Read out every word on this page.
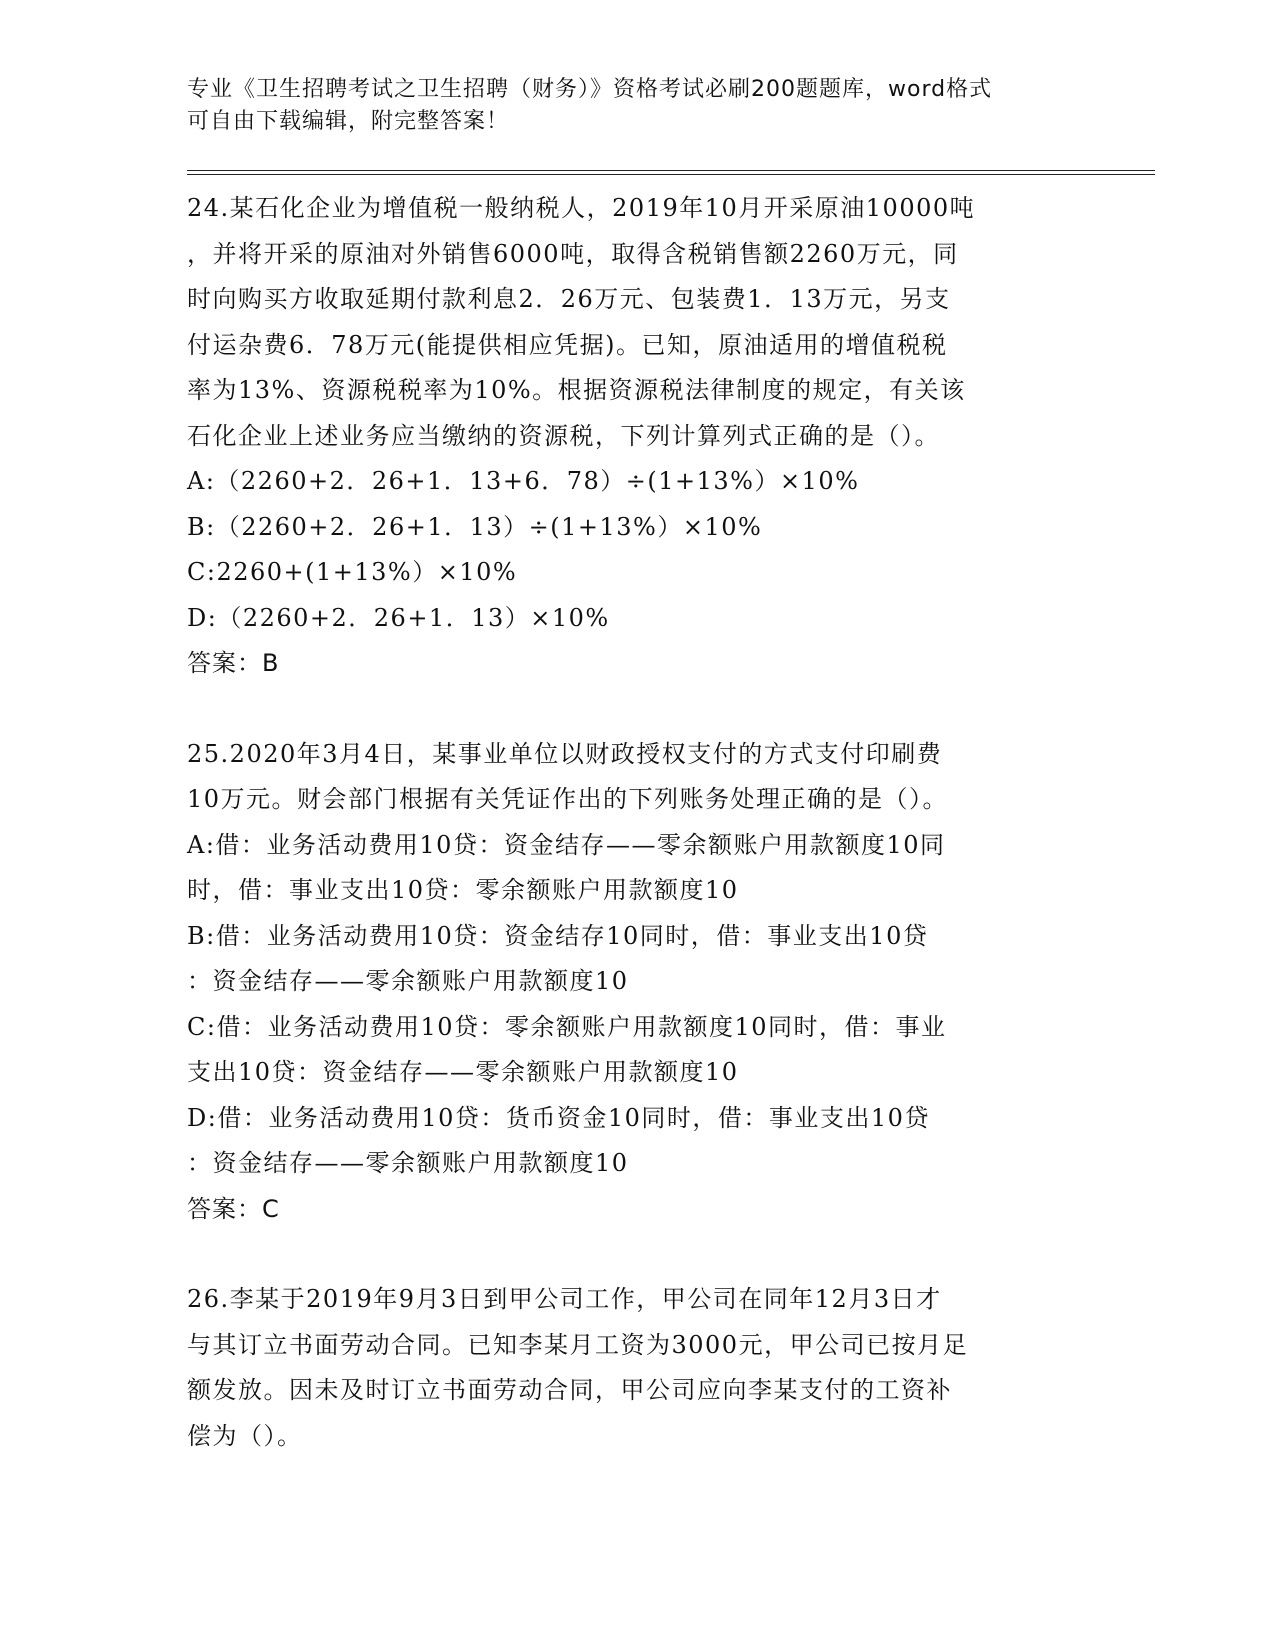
专业《卫生招聘考试之卫生招聘（财务）》资格考试必刷200题题库，word格式
可自由下载编辑，附完整答案！
24.某石化企业为增值税一般纳税人，2019年10月开采原油10000吨
，并将开采的原油对外销售6000吨，取得含税销售额2260万元，同
时向购买方收取延期付款利息2．26万元、包装费1．13万元，另支
付运杂费6．78万元(能提供相应凭据)。已知，原油适用的增值税税
率为13%、资源税税率为10%。根据资源税法律制度的规定，有关该
石化企业上述业务应当缴纳的资源税，下列计算列式正确的是（）。
A:（2260+2．26+1．13+6．78）÷(1+13%）×10%
B:（2260+2．26+1．13）÷(1+13%）×10%
C:2260+(1+13%）×10%
D:（2260+2．26+1．13）×10%
答案：B
25.2020年3月4日，某事业单位以财政授权支付的方式支付印刷费
10万元。财会部门根据有关凭证作出的下列账务处理正确的是（）。
A:借：业务活动费用10贷：资金结存——零余额账户用款额度10同
时，借：事业支出10贷：零余额账户用款额度10
B:借：业务活动费用10贷：资金结存10同时，借：事业支出10贷
：资金结存——零余额账户用款额度10
C:借：业务活动费用10贷：零余额账户用款额度10同时，借：事业
支出10贷：资金结存——零余额账户用款额度10
D:借：业务活动费用10贷：货币资金10同时，借：事业支出10贷
：资金结存——零余额账户用款额度10
答案：C
26.李某于2019年9月3日到甲公司工作，甲公司在同年12月3日才
与其订立书面劳动合同。已知李某月工资为3000元，甲公司已按月足
额发放。因未及时订立书面劳动合同，甲公司应向李某支付的工资补
偿为（）。
